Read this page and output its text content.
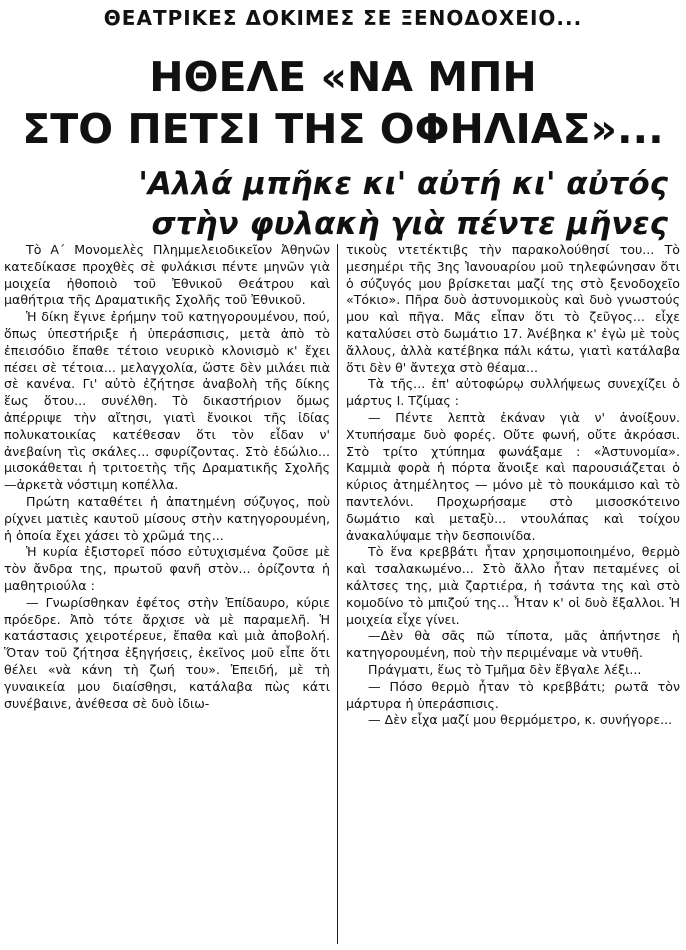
ΘΕΑΤΡΙΚΕΣ ΔΟΚΙΜΕΣ ΣΕ ΞΕΝΟΔΟΧΕΙΟ...
ΗΘΕΛΕ «ΝΑ ΜΠΗ
ΣΤΟ ΠΕΤΣΙ ΤΗΣ ΟΦΗΛΙΑΣ»...
'Αλλά μπῆκε κι' αὐτή κι' αὐτός
στὴν φυλακὴ γιὰ πέντε μῆνες

Τὸ Α΄ Μονομελὲς Πλημμελειοδικεῖον Ἀθηνῶν κατεδίκασε προχθὲς σὲ φυλάκισι πέντε μηνῶν γιὰ μοιχεία ἠθοποιὸ τοῦ Ἐθνικοῦ Θεάτρου καὶ μαθήτρια τῆς Δραματικῆς Σχολῆς τοῦ Ἐθνικοῦ.

Ἡ δίκη ἔγινε ἐρήμην τοῦ κατηγορουμένου, πού, ὅπως ὑπεστήριξε ἡ ὑπεράσπισις, μετὰ ἀπὸ τὸ ἐπεισόδιο ἔπαθε τέτοιο νευρικὸ κλονισμὸ κ' ἔχει πέσει σὲ τέτοια... μελαγχολία, ὥστε δὲν μιλάει πιὰ σὲ κανένα. Γι' αὐτὸ ἐζήτησε ἀναβολὴ τῆς δίκης ἕως ὅτου... συνέλθη. Τὸ δικαστήριον ὅμως ἀπέρριψε τὴν αἴτησι, γιατὶ ἔνοικοι τῆς ἰδίας πολυκατοικίας κατέθεσαν ὅτι τὸν εἶδαν ν' ἀνεβαίνη τὶς σκάλες... σφυρίζοντας. Στὸ ἑδώλιο... μισοκάθεται ἡ τριτοετὴς τῆς Δραματικῆς Σχολῆς —ἀρκετὰ νόστιμη κοπέλλα.

Πρώτη καταθέτει ἡ ἀπατημένη σύζυγος, ποὺ ρίχνει ματιὲς καυτοῦ μίσους στὴν κατηγορουμένη, ἡ ὁποία ἔχει χάσει τὸ χρῶμά της...

Ἡ κυρία ἐξιστορεῖ πόσο εὐτυχισμένα ζοῦσε μὲ τὸν ἄνδρα της, πρωτοῦ φανῆ στὸν... ὁρίζοντα ἡ μαθητριούλα :

— Γνωρίσθηκαν ἐφέτος στὴν Ἐπίδαυρο, κύριε πρόεδρε. Ἀπὸ τότε ἄρχισε νὰ μὲ παραμελῆ. Ἡ κατάστασις χειροτέρευε, ἔπαθα καὶ μιὰ ἀποβολή. Ὅταν τοῦ ζήτησα ἐξηγήσεις, ἐκεῖνος μοῦ εἶπε ὅτι θέλει «νὰ κάνη τὴ ζωή του». Ἐπειδή, μὲ τὴ γυναικεία μου διαίσθησι, κατάλαβα πὼς κάτι συνέβαινε, ἀνέθεσα σὲ δυὸ ἰδιω-

τικοὺς ντετέκτιβς τὴν παρακολούθησί του... Τὸ μεσημέρι τῆς 3ης Ἰανουαρίου μοῦ τηλεφώνησαν ὅτι ὁ σύζυγός μου βρίσκεται μαζί της στὸ ξενοδοχεῖο «Τόκιο». Πῆρα δυὸ ἀστυνομικοὺς καὶ δυὸ γνωστούς μου καὶ πῆγα. Μᾶς εἶπαν ὅτι τὸ ζεῦγος... εἶχε καταλύσει στὸ δωμάτιο 17. Ἀνέβηκα κ' ἐγὼ μὲ τοὺς ἄλλους, ἀλλὰ κατέβηκα πάλι κάτω, γιατὶ κατάλαβα ὅτι δὲν θ' ἄντεχα στὸ θέαμα...

Τὰ τῆς... ἐπ' αὐτοφώρῳ συλλήψεως συνεχίζει ὁ μάρτυς Ι. Τζίμας :

— Πέντε λεπτὰ ἐκάναν γιὰ ν' ἀνοίξουν. Χτυπήσαμε δυὸ φορές. Οὔτε φωνή, οὔτε ἀκρόασι. Στὸ τρίτο χτύπημα φωνάξαμε : «Ἀστυνομία». Καμμιὰ φορὰ ἡ πόρτα ἄνοιξε καὶ παρουσιάζεται ὁ κύριος ἀτημέλητος — μόνο μὲ τὸ πουκάμισο καὶ τὸ παντελόνι. Προχωρήσαμε στὸ μισοσκότεινο δωμάτιο καὶ μεταξὺ... ντουλάπας καὶ τοίχου ἀνακαλύψαμε τὴν δεσποινίδα.

Τὸ ἕνα κρεββάτι ἦταν χρησιμοποιημένο, θερμὸ καὶ τσαλακωμένο... Στὸ ἄλλο ἦταν πεταμένες οἱ κάλτσες της, μιὰ ζαρτιέρα, ἡ τσάντα της καὶ στὸ κομοδίνο τὸ μπιζού της... Ἦταν κ' οἱ δυὸ ἔξαλλοι. Ἡ μοιχεία εἶχε γίνει.

—Δὲν θὰ σᾶς πῶ τίποτα, μᾶς ἀπήντησε ἡ κατηγορουμένη, ποὺ τὴν περιμέναμε νὰ ντυθῆ.

Πράγματι, ἕως τὸ Τμῆμα δὲν ἔβγαλε λέξι...

— Πόσο θερμὸ ἦταν τὸ κρεββάτι; ρωτᾶ τὸν μάρτυρα ἡ ὑπεράσπισις.

— Δὲν εἶχα μαζί μου θερμόμετρο, κ. συνήγορε...
